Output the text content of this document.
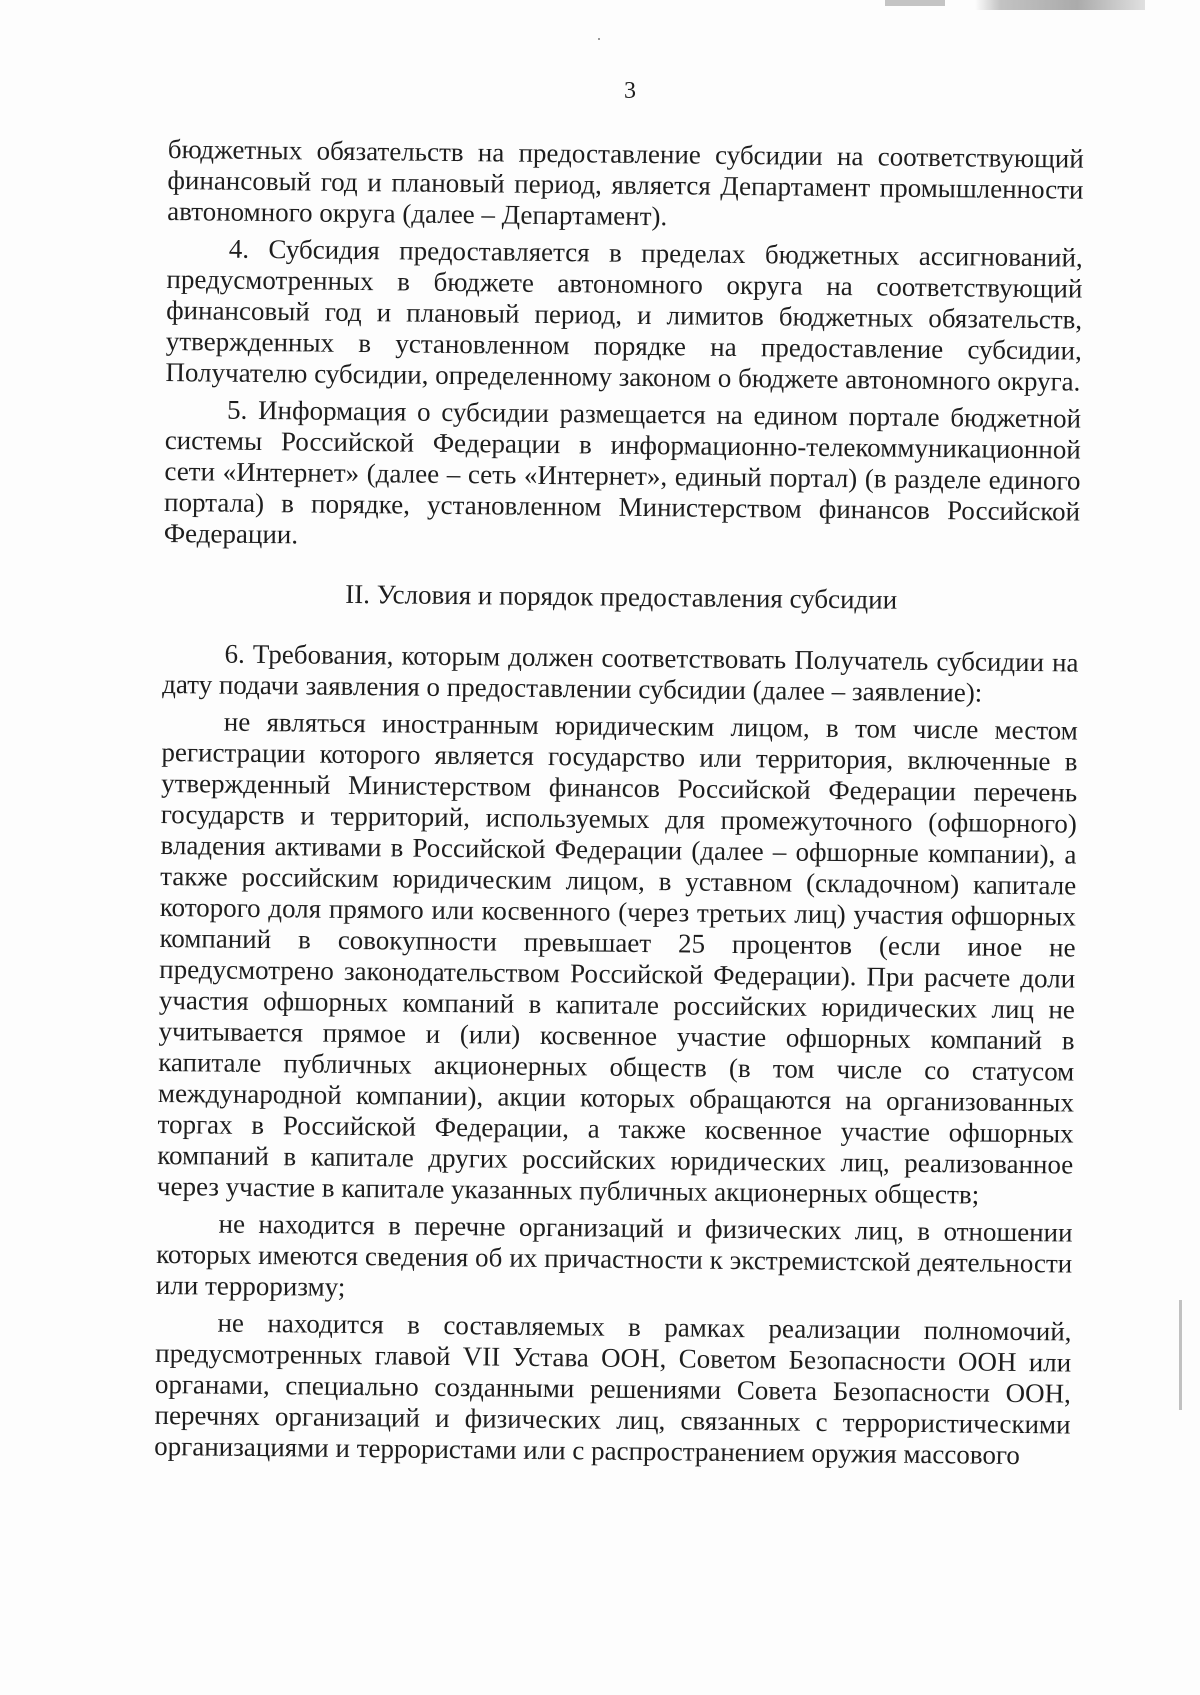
3

бюджетных обязательств на предоставление субсидии на соответствующий финансовый год и плановый период, является Департамент промышленности автономного округа (далее – Департамент).

4. Субсидия предоставляется в пределах бюджетных ассигнований, предусмотренных в бюджете автономного округа на соответствующий финансовый год и плановый период, и лимитов бюджетных обязательств, утвержденных в установленном порядке на предоставление субсидии, Получателю субсидии, определенному законом о бюджете автономного округа.

5. Информация о субсидии размещается на едином портале бюджетной системы Российской Федерации в информационно-телекоммуникационной сети «Интернет» (далее – сеть «Интернет», единый портал) (в разделе единого портала) в порядке, установленном Министерством финансов Российской Федерации.

II. Условия и порядок предоставления субсидии

6. Требования, которым должен соответствовать Получатель субсидии на дату подачи заявления о предоставлении субсидии (далее – заявление):

не являться иностранным юридическим лицом, в том числе местом регистрации которого является государство или территория, включенные в утвержденный Министерством финансов Российской Федерации перечень государств и территорий, используемых для промежуточного (офшорного) владения активами в Российской Федерации (далее – офшорные компании), а также российским юридическим лицом, в уставном (складочном) капитале которого доля прямого или косвенного (через третьих лиц) участия офшорных компаний в совокупности превышает 25 процентов (если иное не предусмотрено законодательством Российской Федерации). При расчете доли участия офшорных компаний в капитале российских юридических лиц не учитывается прямое и (или) косвенное участие офшорных компаний в капитале публичных акционерных обществ (в том числе со статусом международной компании), акции которых обращаются на организованных торгах в Российской Федерации, а также косвенное участие офшорных компаний в капитале других российских юридических лиц, реализованное через участие в капитале указанных публичных акционерных обществ;

не находится в перечне организаций и физических лиц, в отношении которых имеются сведения об их причастности к экстремистской деятельности или терроризму;

не находится в составляемых в рамках реализации полномочий, предусмотренных главой VII Устава ООН, Советом Безопасности ООН или органами, специально созданными решениями Совета Безопасности ООН, перечнях организаций и физических лиц, связанных с террористическими организациями и террористами или с распространением оружия массового
